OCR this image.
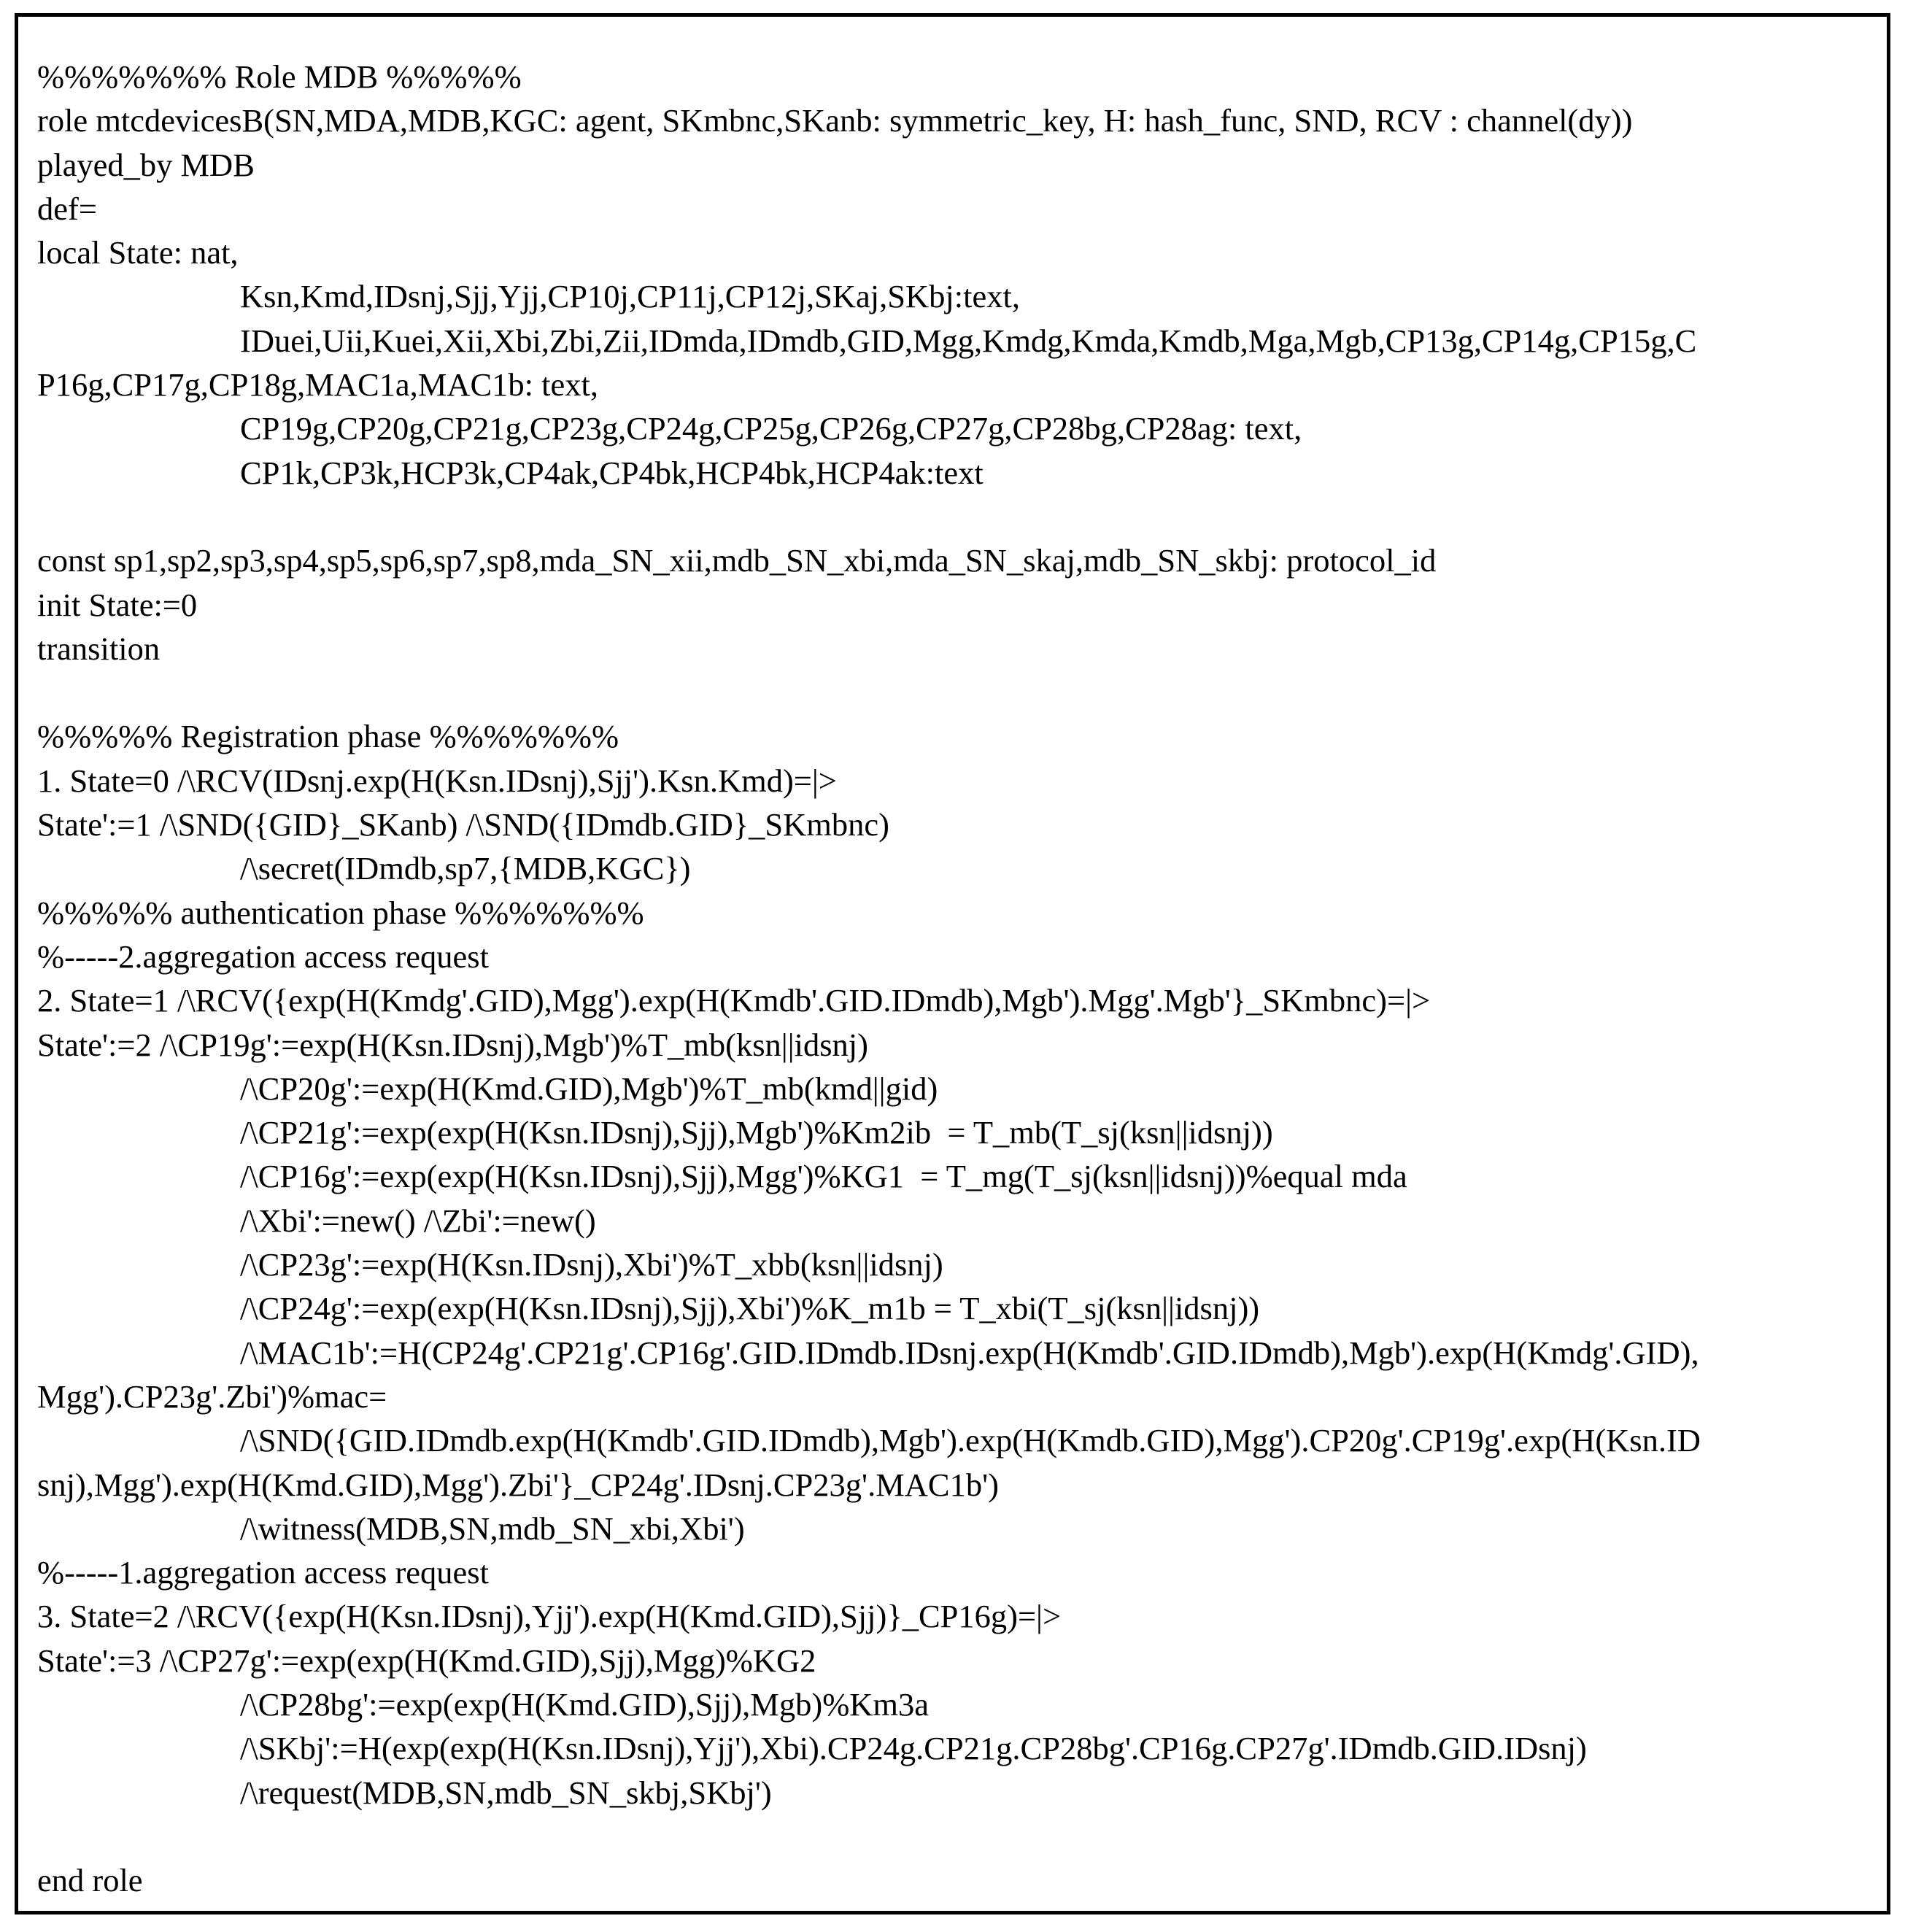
%%%%%%% Role MDB %%%%%
role mtcdevicesB(SN,MDA,MDB,KGC: agent, SKmbnc,SKanb: symmetric_key, H: hash_func, SND, RCV : channel(dy))
played_by MDB
def=
local State: nat,
Ksn,Kmd,IDsnj,Sjj,Yjj,CP10j,CP11j,CP12j,SKaj,SKbj:text,
IDuei,Uii,Kuei,Xii,Xbi,Zbi,Zii,IDmda,IDmdb,GID,Mgg,Kmdg,Kmda,Kmdb,Mga,Mgb,CP13g,CP14g,CP15g,C
P16g,CP17g,CP18g,MAC1a,MAC1b: text,
CP19g,CP20g,CP21g,CP23g,CP24g,CP25g,CP26g,CP27g,CP28bg,CP28ag: text,
CP1k,CP3k,HCP3k,CP4ak,CP4bk,HCP4bk,HCP4ak:text
const sp1,sp2,sp3,sp4,sp5,sp6,sp7,sp8,mda_SN_xii,mdb_SN_xbi,mda_SN_skaj,mdb_SN_skbj: protocol_id
init State:=0
transition
%%%%% Registration phase %%%%%%%
1. State=0 /\RCV(IDsnj.exp(H(Ksn.IDsnj),Sjj').Ksn.Kmd)=|>
State':=1 /\SND({GID}_SKanb) /\SND({IDmdb.GID}_SKmbnc)
/\secret(IDmdb,sp7,{MDB,KGC})
%%%%% authentication phase %%%%%%%
%-----2.aggregation access request
2. State=1 /\RCV({exp(H(Kmdg'.GID),Mgg').exp(H(Kmdb'.GID.IDmdb),Mgb').Mgg'.Mgb'}_SKmbnc)=|>
State':=2 /\CP19g':=exp(H(Ksn.IDsnj),Mgb')%T_mb(ksn||idsnj)
/\CP20g':=exp(H(Kmd.GID),Mgb')%T_mb(kmd||gid)
/\CP21g':=exp(exp(H(Ksn.IDsnj),Sjj),Mgb')%Km2ib  = T_mb(T_sj(ksn||idsnj))
/\CP16g':=exp(exp(H(Ksn.IDsnj),Sjj),Mgg')%KG1  = T_mg(T_sj(ksn||idsnj))%equal mda
/\Xbi':=new() /\Zbi':=new()
/\CP23g':=exp(H(Ksn.IDsnj),Xbi')%T_xbb(ksn||idsnj)
/\CP24g':=exp(exp(H(Ksn.IDsnj),Sjj),Xbi')%K_m1b = T_xbi(T_sj(ksn||idsnj))
/\MAC1b':=H(CP24g'.CP21g'.CP16g'.GID.IDmdb.IDsnj.exp(H(Kmdb'.GID.IDmdb),Mgb').exp(H(Kmdg'.GID),
Mgg').CP23g'.Zbi')%mac=
/\SND({GID.IDmdb.exp(H(Kmdb'.GID.IDmdb),Mgb').exp(H(Kmdb.GID),Mgg').CP20g'.CP19g'.exp(H(Ksn.ID
snj),Mgg').exp(H(Kmd.GID),Mgg').Zbi'}_CP24g'.IDsnj.CP23g'.MAC1b')
/\witness(MDB,SN,mdb_SN_xbi,Xbi')
%-----1.aggregation access request
3. State=2 /\RCV({exp(H(Ksn.IDsnj),Yjj').exp(H(Kmd.GID),Sjj)}_CP16g)=|>
State':=3 /\CP27g':=exp(exp(H(Kmd.GID),Sjj),Mgg)%KG2
/\CP28bg':=exp(exp(H(Kmd.GID),Sjj),Mgb)%Km3a
/\SKbj':=H(exp(exp(H(Ksn.IDsnj),Yjj'),Xbi).CP24g.CP21g.CP28bg'.CP16g.CP27g'.IDmdb.GID.IDsnj)
/\request(MDB,SN,mdb_SN_skbj,SKbj')
end role
